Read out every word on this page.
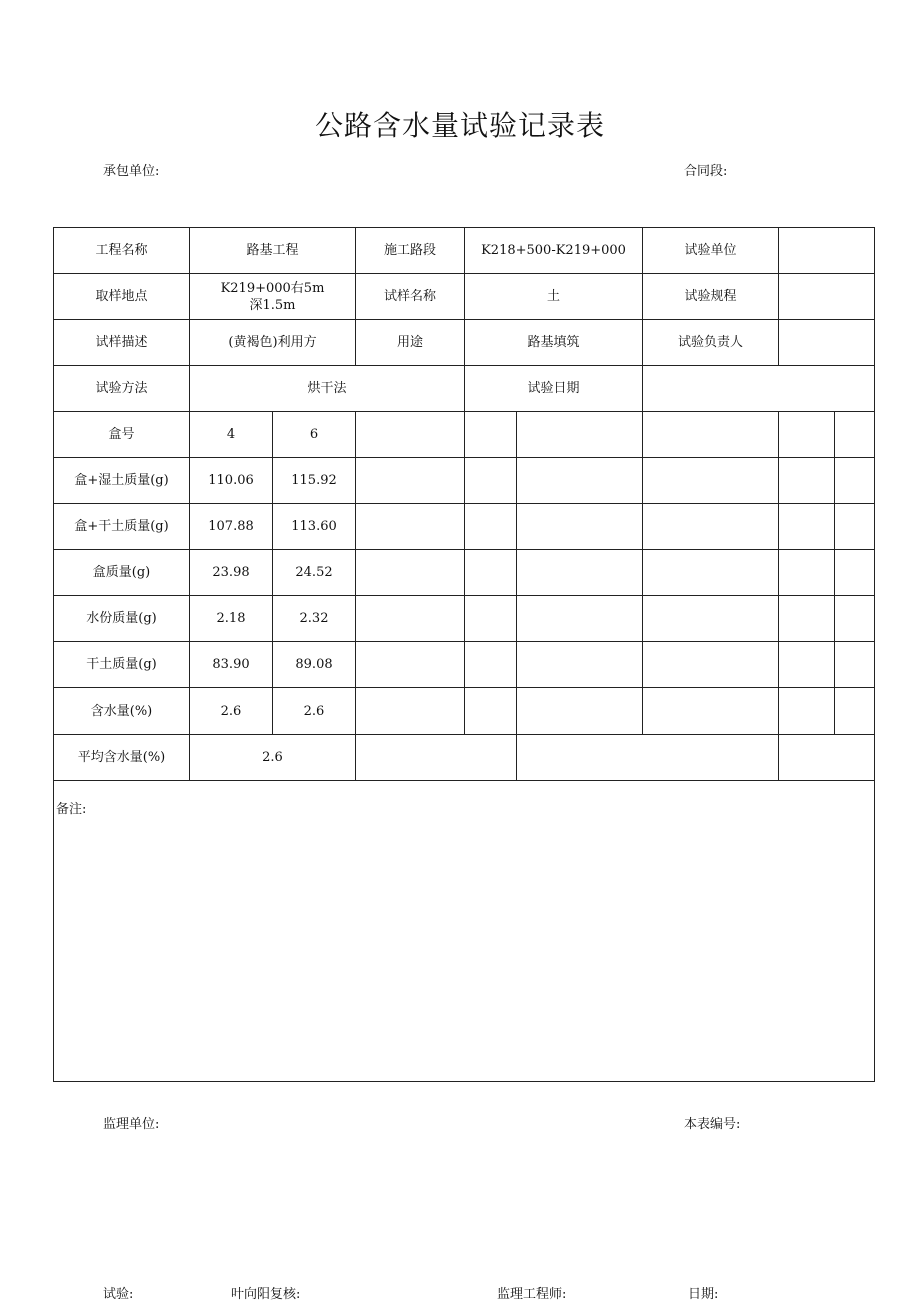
公路含水量试验记录表
承包单位:	合同段:
工程名称	路基工程		施工路段	K218+500-K219+000		试验单位		
取样地点	K219+000右5m深1.5m		试样名称	土		试验规程		
试样描述	(黄褐色)利用方		用途	路基填筑		试验负责人		
试验方法	烘干法			试验日期				
盒号	4	6						
盒+湿土质量(g)	110.06	115.92						
盒+干土质量(g)	107.88	113.60						
盒质量(g)	23.98	24.52						
水份质量(g)	2.18	2.32						
干土质量(g)	83.90	89.08						
含水量(%)	2.6	2.6						
平均含水量(%)	2.6							
备注:								
监理单位:	本表编号:
试验:	叶向阳复核:	监理工程师:	日期:
